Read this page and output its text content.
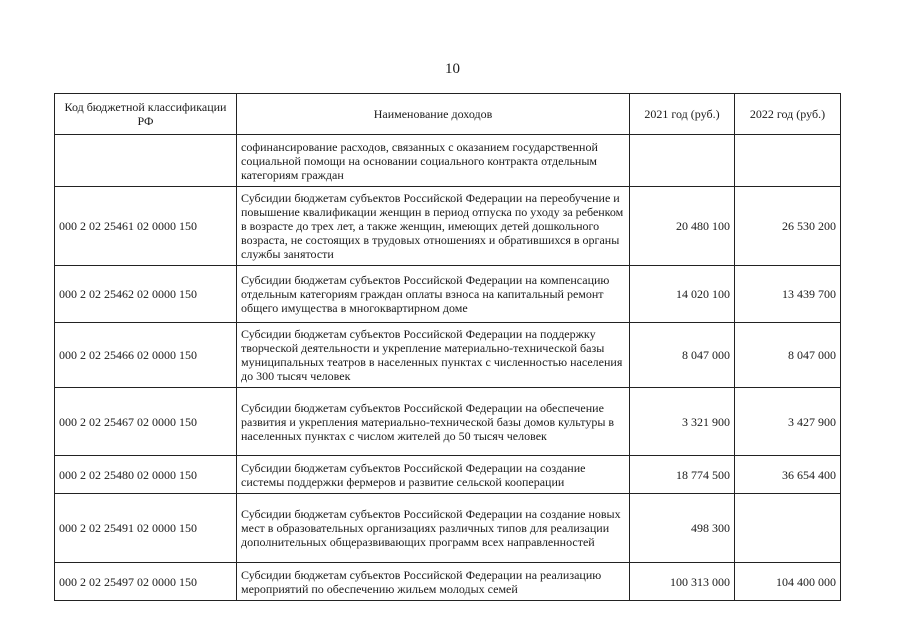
10
Код бюджетной классификации РФ	Наименование доходов	2021 год (руб.)	2022 год (руб.)
	софинансирование расходов, связанных с оказанием государственной социальной помощи на основании социального контракта отдельным категориям граждан		
000 2 02 25461 02 0000 150	Субсидии бюджетам субъектов Российской Федерации на переобучение и повышение квалификации женщин в период отпуска по уходу за ребенком в возрасте до трех лет, а также женщин, имеющих детей дошкольного возраста, не состоящих в трудовых отношениях и обратившихся в органы службы занятости	20 480 100	26 530 200
000 2 02 25462 02 0000 150	Субсидии бюджетам субъектов Российской Федерации на компенсацию отдельным категориям граждан оплаты взноса на капитальный ремонт общего имущества в многоквартирном доме	14 020 100	13 439 700
000 2 02 25466 02 0000 150	Субсидии бюджетам субъектов Российской Федерации на поддержку творческой деятельности и укрепление материально-технической базы муниципальных театров в населенных пунктах с численностью населения до 300 тысяч человек	8 047 000	8 047 000
000 2 02 25467 02 0000 150	Субсидии бюджетам субъектов Российской Федерации на обеспечение развития и укрепления материально-технической базы домов культуры в населенных пунктах с числом жителей до 50 тысяч человек	3 321 900	3 427 900
000 2 02 25480 02 0000 150	Субсидии бюджетам субъектов Российской Федерации на создание системы поддержки фермеров и развитие сельской кооперации	18 774 500	36 654 400
000 2 02 25491 02 0000 150	Субсидии бюджетам субъектов Российской Федерации на создание новых мест в образовательных организациях различных типов для реализации дополнительных общеразвивающих программ всех направленностей	498 300	
000 2 02 25497 02 0000 150	Субсидии бюджетам субъектов Российской Федерации на реализацию мероприятий по обеспечению жильем молодых семей	100 313 000	104 400 000
